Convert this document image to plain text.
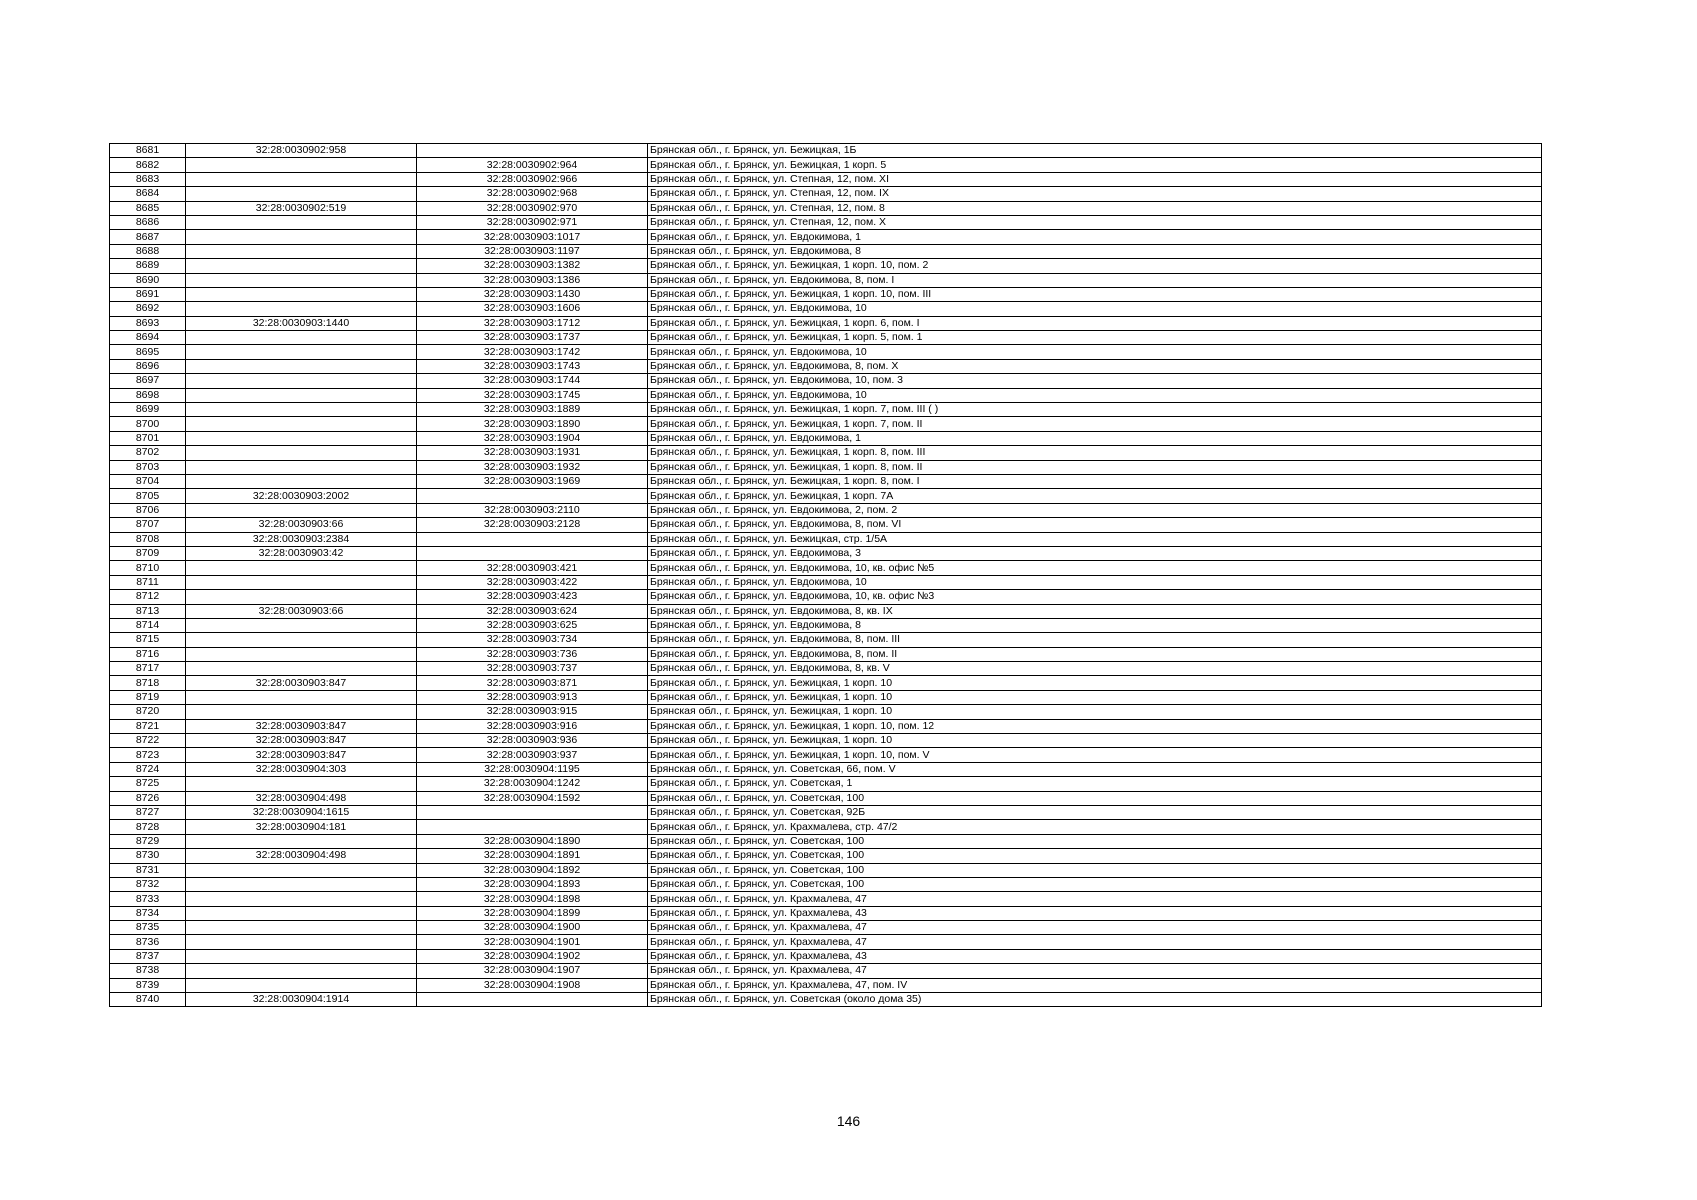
8681	32:28:0030902:958		Брянская обл., г. Брянск, ул. Бежицкая, 1Б
8682		32:28:0030902:964	Брянская обл., г. Брянск, ул. Бежицкая, 1 корп. 5
8683		32:28:0030902:966	Брянская обл., г. Брянск, ул. Степная, 12, пом. XI
8684		32:28:0030902:968	Брянская обл., г. Брянск, ул. Степная, 12, пом. IX
8685	32:28:0030902:519	32:28:0030902:970	Брянская обл., г. Брянск, ул. Степная, 12, пом. 8
8686		32:28:0030902:971	Брянская обл., г. Брянск, ул. Степная, 12, пом. X
8687		32:28:0030903:1017	Брянская обл., г. Брянск, ул. Евдокимова, 1
8688		32:28:0030903:1197	Брянская обл., г. Брянск, ул. Евдокимова, 8
8689		32:28:0030903:1382	Брянская обл., г. Брянск, ул. Бежицкая, 1 корп. 10, пом. 2
8690		32:28:0030903:1386	Брянская обл., г. Брянск, ул. Евдокимова, 8, пом. I
8691		32:28:0030903:1430	Брянская обл., г. Брянск, ул. Бежицкая, 1 корп. 10, пом. III
8692		32:28:0030903:1606	Брянская обл., г. Брянск, ул. Евдокимова, 10
8693	32:28:0030903:1440	32:28:0030903:1712	Брянская обл., г. Брянск, ул. Бежицкая, 1 корп. 6, пом. I
8694		32:28:0030903:1737	Брянская обл., г. Брянск, ул. Бежицкая, 1 корп. 5, пом. 1
8695		32:28:0030903:1742	Брянская обл., г. Брянск, ул. Евдокимова, 10
8696		32:28:0030903:1743	Брянская обл., г. Брянск, ул. Евдокимова, 8, пом. X
8697		32:28:0030903:1744	Брянская обл., г. Брянск, ул. Евдокимова, 10, пом. 3
8698		32:28:0030903:1745	Брянская обл., г. Брянск, ул. Евдокимова, 10
8699		32:28:0030903:1889	Брянская обл., г. Брянск, ул. Бежицкая, 1 корп. 7, пом. III ( )
8700		32:28:0030903:1890	Брянская обл., г. Брянск, ул. Бежицкая, 1 корп. 7, пом. II
8701		32:28:0030903:1904	Брянская обл., г. Брянск, ул. Евдокимова, 1
8702		32:28:0030903:1931	Брянская обл., г. Брянск, ул. Бежицкая, 1 корп. 8, пом. III
8703		32:28:0030903:1932	Брянская обл., г. Брянск, ул. Бежицкая, 1 корп. 8, пом. II
8704		32:28:0030903:1969	Брянская обл., г. Брянск, ул. Бежицкая, 1 корп. 8, пом. I
8705	32:28:0030903:2002		Брянская обл., г. Брянск, ул. Бежицкая, 1 корп. 7А
8706		32:28:0030903:2110	Брянская обл., г. Брянск, ул. Евдокимова, 2, пом. 2
8707	32:28:0030903:66	32:28:0030903:2128	Брянская обл., г. Брянск, ул. Евдокимова, 8, пом. VI
8708	32:28:0030903:2384		Брянская обл., г. Брянск, ул. Бежицкая, стр. 1/5А
8709	32:28:0030903:42		Брянская обл., г. Брянск, ул. Евдокимова, 3
8710		32:28:0030903:421	Брянская обл., г. Брянск, ул. Евдокимова, 10, кв. офис №5
8711		32:28:0030903:422	Брянская обл., г. Брянск, ул. Евдокимова, 10
8712		32:28:0030903:423	Брянская обл., г. Брянск, ул. Евдокимова, 10, кв. офис №3
8713	32:28:0030903:66	32:28:0030903:624	Брянская обл., г. Брянск, ул. Евдокимова, 8, кв. IX
8714		32:28:0030903:625	Брянская обл., г. Брянск, ул. Евдокимова, 8
8715		32:28:0030903:734	Брянская обл., г. Брянск, ул. Евдокимова, 8, пом. III
8716		32:28:0030903:736	Брянская обл., г. Брянск, ул. Евдокимова, 8, пом. II
8717		32:28:0030903:737	Брянская обл., г. Брянск, ул. Евдокимова, 8, кв. V
8718	32:28:0030903:847	32:28:0030903:871	Брянская обл., г. Брянск, ул. Бежицкая, 1 корп. 10
8719		32:28:0030903:913	Брянская обл., г. Брянск, ул. Бежицкая, 1 корп. 10
8720		32:28:0030903:915	Брянская обл., г. Брянск, ул. Бежицкая, 1 корп. 10
8721	32:28:0030903:847	32:28:0030903:916	Брянская обл., г. Брянск, ул. Бежицкая, 1 корп. 10, пом. 12
8722	32:28:0030903:847	32:28:0030903:936	Брянская обл., г. Брянск, ул. Бежицкая, 1 корп. 10
8723	32:28:0030903:847	32:28:0030903:937	Брянская обл., г. Брянск, ул. Бежицкая, 1 корп. 10, пом. V
8724	32:28:0030904:303	32:28:0030904:1195	Брянская обл., г. Брянск, ул. Советская, 66, пом. V
8725		32:28:0030904:1242	Брянская обл., г. Брянск, ул. Советская, 1
8726	32:28:0030904:498	32:28:0030904:1592	Брянская обл., г. Брянск, ул. Советская, 100
8727	32:28:0030904:1615		Брянская обл., г. Брянск, ул. Советская, 92Б
8728	32:28:0030904:181		Брянская обл., г. Брянск, ул. Крахмалева, стр. 47/2
8729		32:28:0030904:1890	Брянская обл., г. Брянск, ул. Советская, 100
8730	32:28:0030904:498	32:28:0030904:1891	Брянская обл., г. Брянск, ул. Советская, 100
8731		32:28:0030904:1892	Брянская обл., г. Брянск, ул. Советская, 100
8732		32:28:0030904:1893	Брянская обл., г. Брянск, ул. Советская, 100
8733		32:28:0030904:1898	Брянская обл., г. Брянск, ул. Крахмалева, 47
8734		32:28:0030904:1899	Брянская обл., г. Брянск, ул. Крахмалева, 43
8735		32:28:0030904:1900	Брянская обл., г. Брянск, ул. Крахмалева, 47
8736		32:28:0030904:1901	Брянская обл., г. Брянск, ул. Крахмалева, 47
8737		32:28:0030904:1902	Брянская обл., г. Брянск, ул. Крахмалева, 43
8738		32:28:0030904:1907	Брянская обл., г. Брянск, ул. Крахмалева, 47
8739		32:28:0030904:1908	Брянская обл., г. Брянск, ул. Крахмалева, 47, пом. IV
8740	32:28:0030904:1914		Брянская обл., г. Брянск, ул. Советская (около дома 35)
146
